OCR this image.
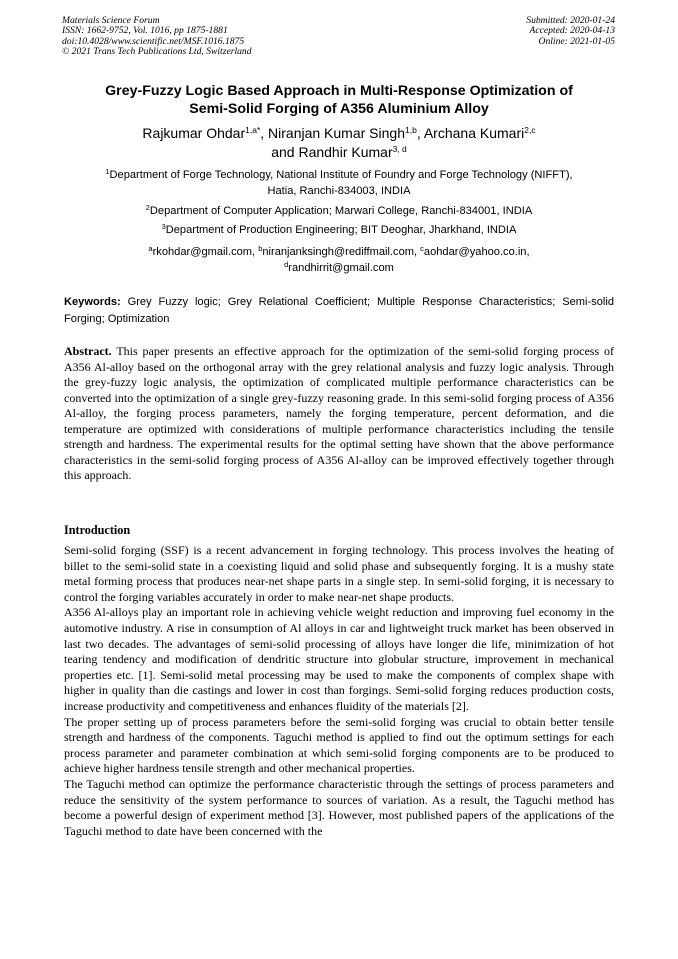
Materials Science Forum
ISSN: 1662-9752, Vol. 1016, pp 1875-1881
doi:10.4028/www.scientific.net/MSF.1016.1875
© 2021 Trans Tech Publications Ltd, Switzerland
Submitted: 2020-01-24
Accepted: 2020-04-13
Online: 2021-01-05
Grey-Fuzzy Logic Based Approach in Multi-Response Optimization of
Semi-Solid Forging of A356 Aluminium Alloy
Rajkumar Ohdar$^{1,a*}$, Niranjan Kumar Singh$^{1,b}$, Archana Kumari$^{2,c}$
and Randhir Kumar$^{3, d}$
$^1$Department of Forge Technology, National Institute of Foundry and Forge Technology (NIFFT),
Hatia, Ranchi-834003, INDIA
$^2$Department of Computer Application; Marwari College, Ranchi-834001, INDIA
$^3$Department of Production Engineering; BIT Deoghar, Jharkhand, INDIA
$^a$rkohdar@gmail.com, $^b$niranjanksingh@rediffmail.com, $^c$aohdar@yahoo.co.in,
$^d$randhirrit@gmail.com
Keywords: Grey Fuzzy logic; Grey Relational Coefficient; Multiple Response Characteristics; Semi-solid Forging; Optimization
Abstract. This paper presents an effective approach for the optimization of the semi-solid forging process of A356 Al-alloy based on the orthogonal array with the grey relational analysis and fuzzy logic analysis. Through the grey-fuzzy logic analysis, the optimization of complicated multiple performance characteristics can be converted into the optimization of a single grey-fuzzy reasoning grade. In this semi-solid forging process of A356 Al-alloy, the forging process parameters, namely the forging temperature, percent deformation, and die temperature are optimized with considerations of multiple performance characteristics including the tensile strength and hardness. The experimental results for the optimal setting have shown that the above performance characteristics in the semi-solid forging process of A356 Al-alloy can be improved effectively together through this approach.
Introduction

Semi-solid forging (SSF) is a recent advancement in forging technology. This process involves the heating of billet to the semi-solid state in a coexisting liquid and solid phase and subsequently forging. It is a mushy state metal forming process that produces near-net shape parts in a single step. In semi-solid forging, it is necessary to control the forging variables accurately in order to make near-net shape products.

A356 Al-alloys play an important role in achieving vehicle weight reduction and improving fuel economy in the automotive industry. A rise in consumption of Al alloys in car and lightweight truck market has been observed in last two decades. The advantages of semi-solid processing of alloys have longer die life, minimization of hot tearing tendency and modification of dendritic structure into globular structure, improvement in mechanical properties etc. [1]. Semi-solid metal processing may be used to make the components of complex shape with higher in quality than die castings and lower in cost than forgings. Semi-solid forging reduces production costs, increase productivity and competitiveness and enhances fluidity of the materials [2].

The proper setting up of process parameters before the semi-solid forging was crucial to obtain better tensile strength and hardness of the components. Taguchi method is applied to find out the optimum settings for each process parameter and parameter combination at which semi-solid forging components are to be produced to achieve higher hardness tensile strength and other mechanical properties.

The Taguchi method can optimize the performance characteristic through the settings of process parameters and reduce the sensitivity of the system performance to sources of variation. As a result, the Taguchi method has become a powerful design of experiment method [3]. However, most published papers of the applications of the Taguchi method to date have been concerned with the
